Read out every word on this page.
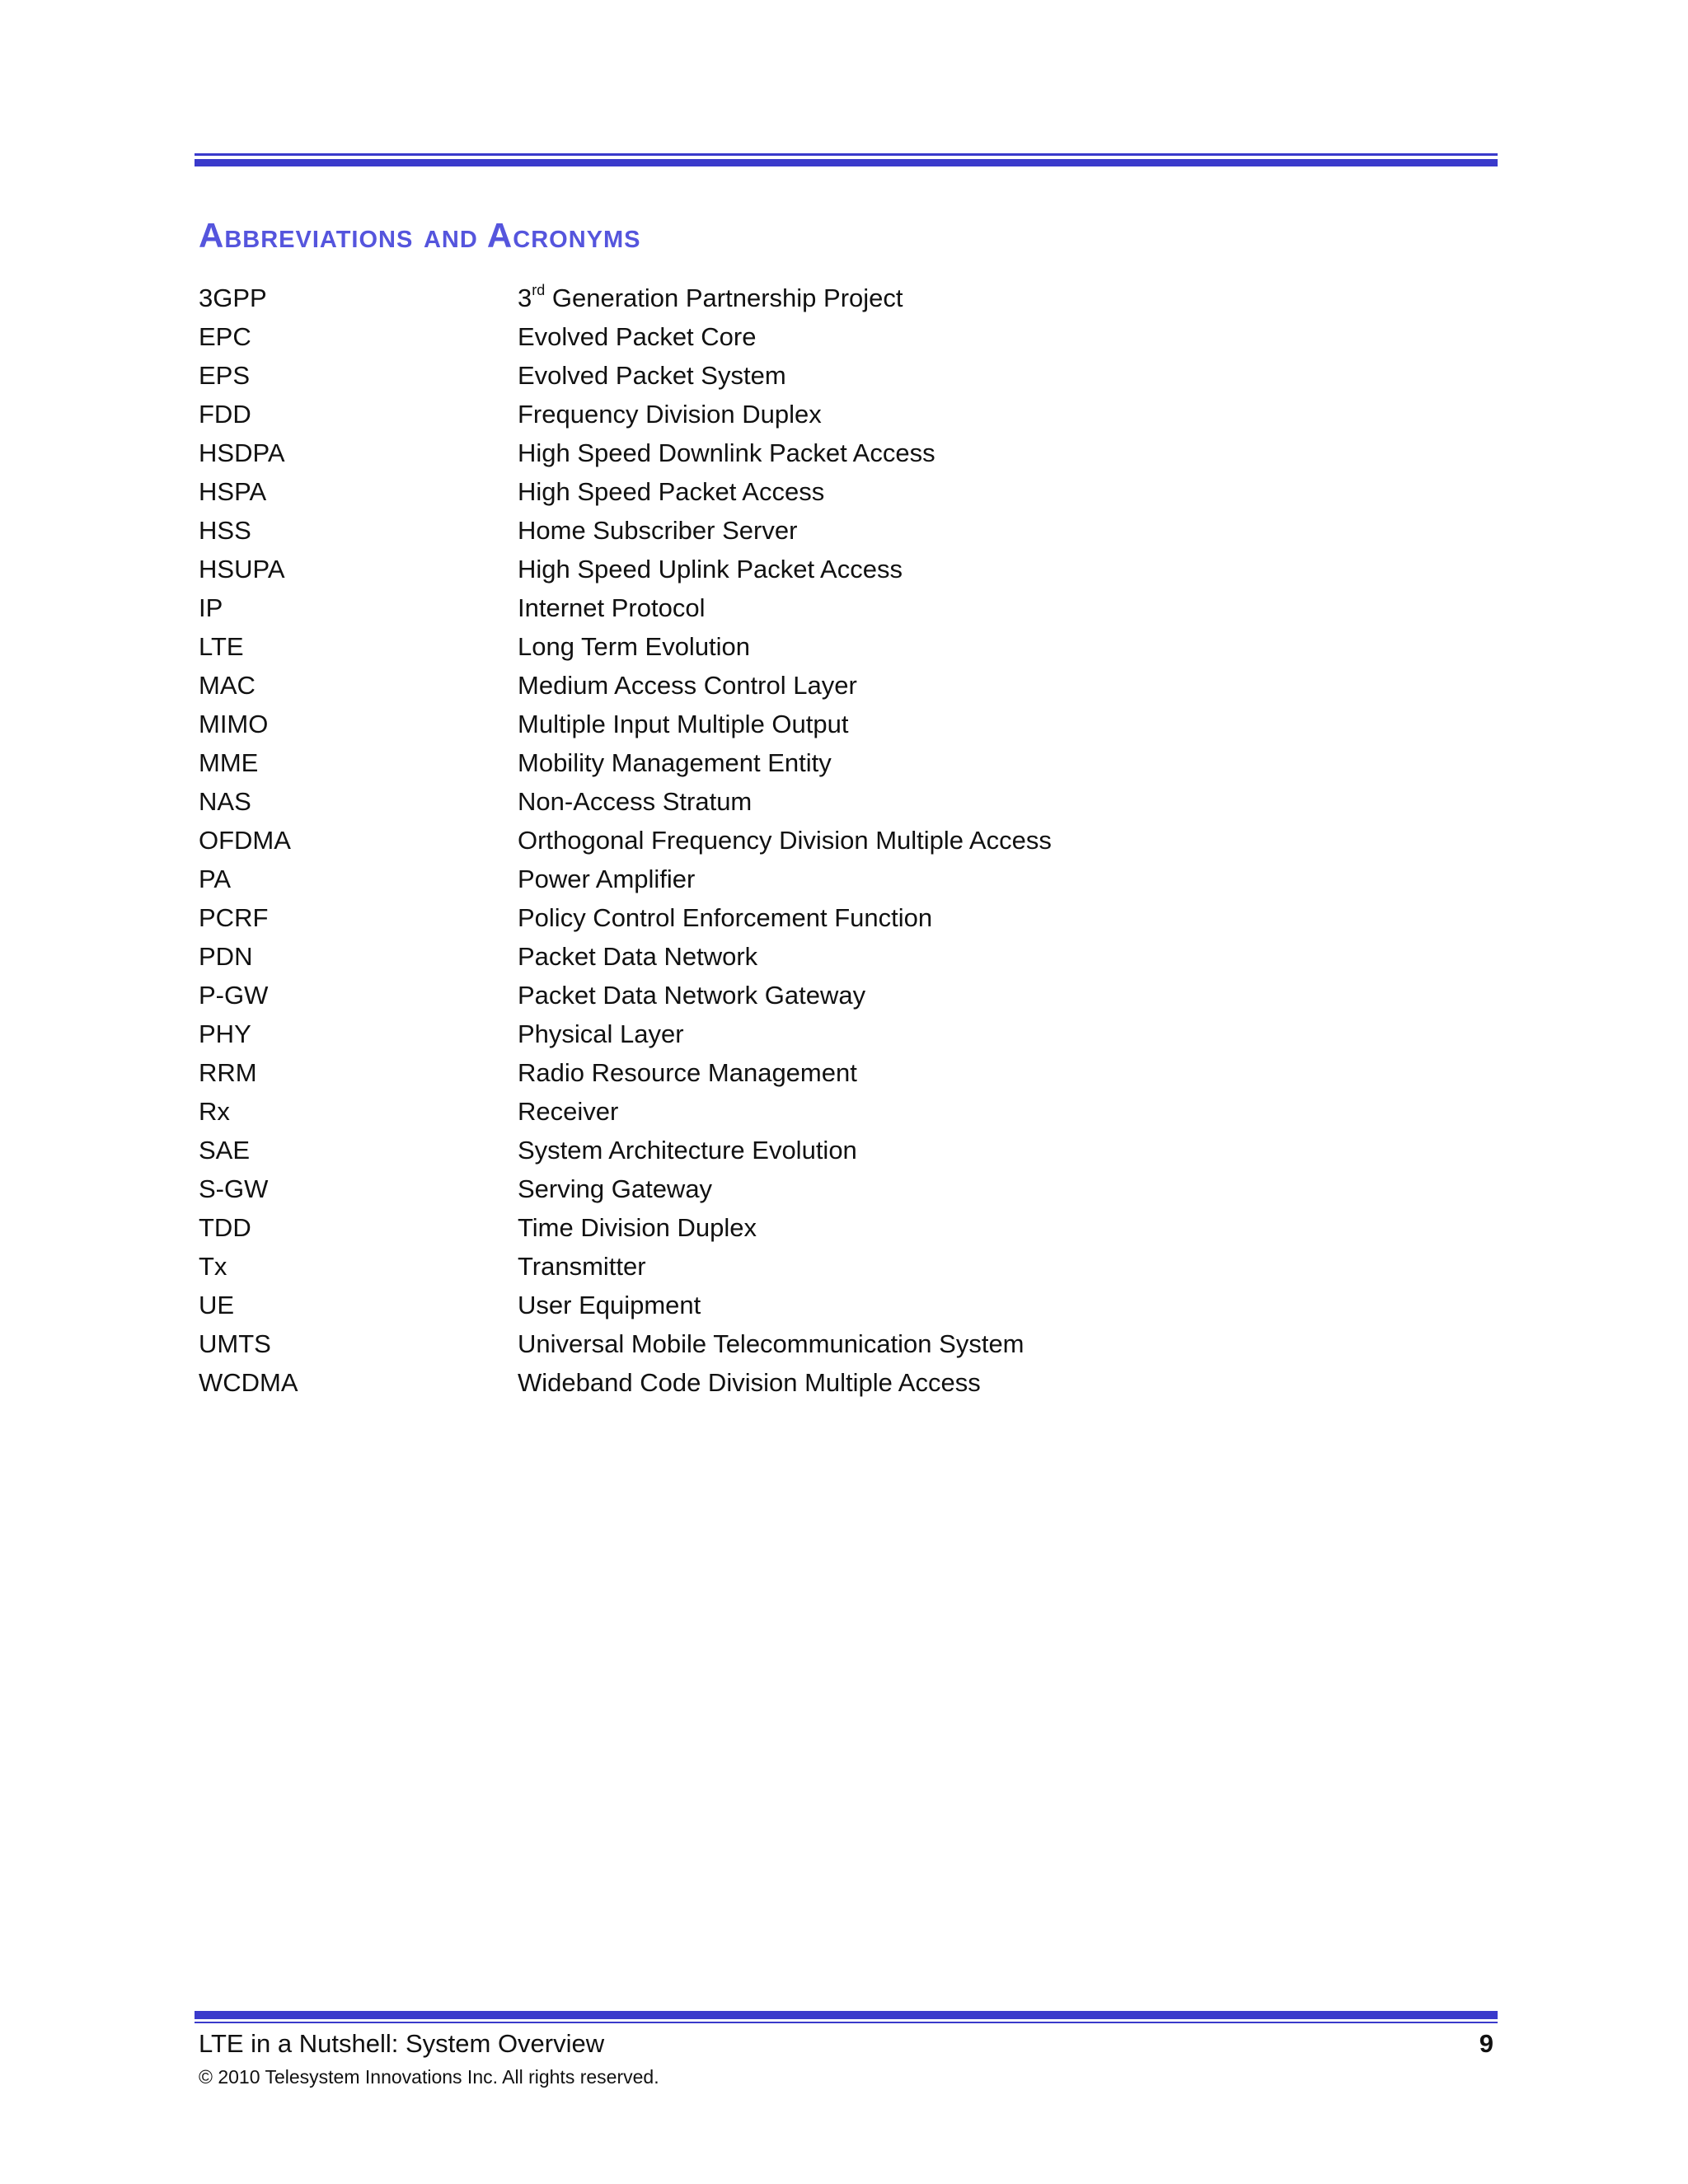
Abbreviations and Acronyms
3GPP	3rd Generation Partnership Project
EPC	Evolved Packet Core
EPS	Evolved Packet System
FDD	Frequency Division Duplex
HSDPA	High Speed Downlink Packet Access
HSPA	High Speed Packet Access
HSS	Home Subscriber Server
HSUPA	High Speed Uplink Packet Access
IP	Internet Protocol
LTE	Long Term Evolution
MAC	Medium Access Control Layer
MIMO	Multiple Input Multiple Output
MME	Mobility Management Entity
NAS	Non-Access Stratum
OFDMA	Orthogonal Frequency Division Multiple Access
PA	Power Amplifier
PCRF	Policy Control Enforcement Function
PDN	Packet Data Network
P-GW	Packet Data Network Gateway
PHY	Physical Layer
RRM	Radio Resource Management
Rx	Receiver
SAE	System Architecture Evolution
S-GW	Serving Gateway
TDD	Time Division Duplex
Tx	Transmitter
UE	User Equipment
UMTS	Universal Mobile Telecommunication System
WCDMA	Wideband Code Division Multiple Access
LTE in a Nutshell: System Overview	9
© 2010 Telesystem Innovations Inc. All rights reserved.
